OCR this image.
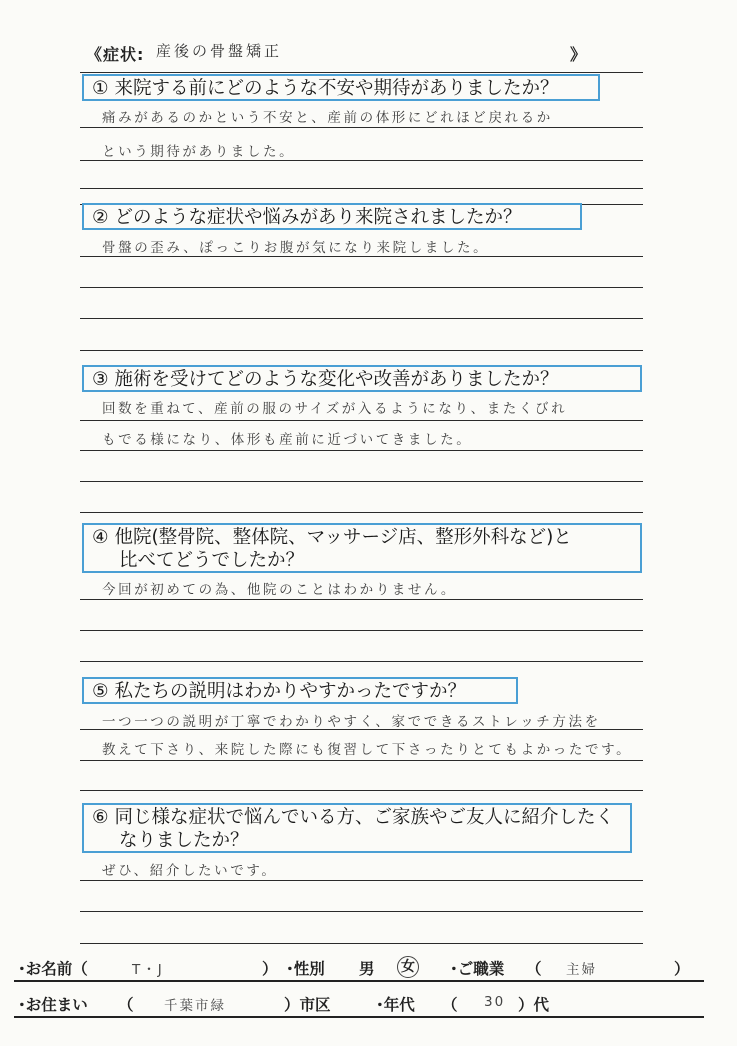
《症状: 産後の骨盤矯正	》
① 来院する前にどのような不安や期待がありましたか？
痛みがあるのかという不安と、産前の体形にどれほど戻れるか
という期待がありました。
② どのような症状や悩みがあり来院されましたか？
骨盤の歪み、ぽっこりお腹が気になり来院しました。
③ 施術を受けてどのような変化や改善がありましたか？
回数を重ねて、産前の服のサイズが入るようになり、またくびれ
もでる様になり、体形も産前に近づいてきました。
④ 他院(整骨院、整体院、マッサージ店、整形外科など)と
比べてどうでしたか？
今回が初めての為、他院のことはわかりません。
⑤ 私たちの説明はわかりやすかったですか？
一つ一つの説明が丁寧でわかりやすく、家でできるストレッチ方法を
教えて下さり、来院した際にも復習して下さったりとてもよかったです。
⑥ 同じ様な症状で悩んでいる方、ご家族やご友人に紹介したく
なりましたか？
ぜひ、紹介したいです。
･お名前（	T・J	） ･性別 男 女 ･ご職業 （ 主婦	）
･お住まい （ 千葉市緑	）市区	･年代 （ 30 ）代
